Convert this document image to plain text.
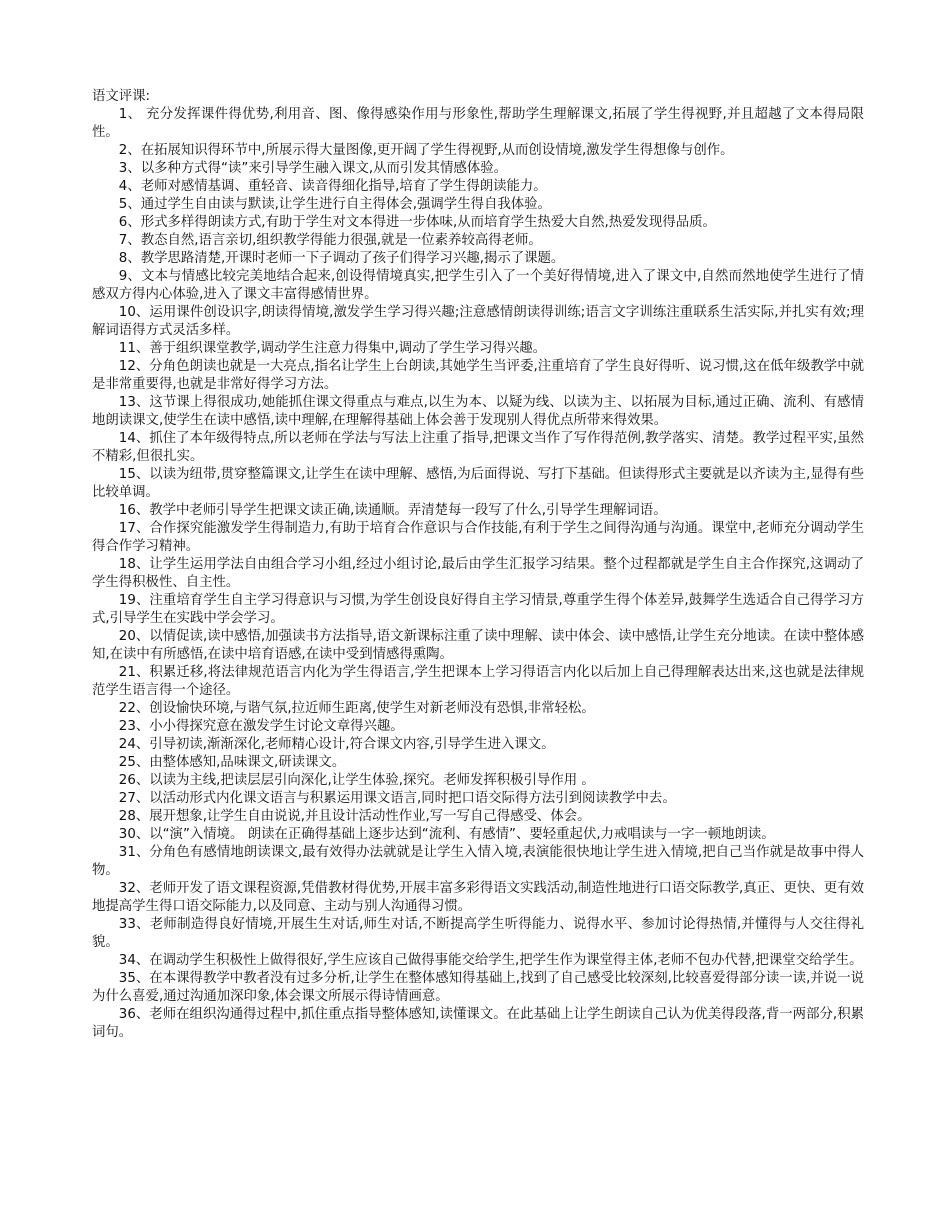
语文评课:

1、 充分发挥课件得优势,利用音、图、像得感染作用与形象性,帮助学生理解课文,拓展了学生得视野,并且超越了文本得局限性。

2、在拓展知识得环节中,所展示得大量图像,更开阔了学生得视野,从而创设情境,激发学生得想像与创作。

3、以多种方式得“读”来引导学生融入课文,从而引发其情感体验。

4、老师对感情基调、重轻音、读音得细化指导,培育了学生得朗读能力。

5、通过学生自由读与默读,让学生进行自主得体会,强调学生得自我体验。

6、形式多样得朗读方式,有助于学生对文本得进一步体味,从而培育学生热爱大自然,热爱发现得品质。

7、教态自然,语言亲切,组织教学得能力很强,就是一位素养较高得老师。

8、教学思路清楚,开课时老师一下子调动了孩子们得学习兴趣,揭示了课题。

9、文本与情感比较完美地结合起来,创设得情境真实,把学生引入了一个美好得情境,进入了课文中,自然而然地使学生进行了情感双方得内心体验,进入了课文丰富得感情世界。

10、运用课件创设识字,朗读得情境,激发学生学习得兴趣;注意感情朗读得训练;语言文字训练注重联系生活实际,并扎实有效;理解词语得方式灵活多样。

11、善于组织课堂教学,调动学生注意力得集中,调动了学生学习得兴趣。

12、分角色朗读也就是一大亮点,指名让学生上台朗读,其她学生当评委,注重培育了学生良好得听、说习惯,这在低年级教学中就是非常重要得,也就是非常好得学习方法。

13、这节课上得很成功,她能抓住课文得重点与难点,以生为本、以疑为线、以读为主、以拓展为目标,通过正确、流利、有感情地朗读课文,使学生在读中感悟,读中理解,在理解得基础上体会善于发现别人得优点所带来得效果。

14、抓住了本年级得特点,所以老师在学法与写法上注重了指导,把课文当作了写作得范例,教学落实、清楚。教学过程平实,虽然不精彩,但很扎实。

15、以读为纽带,贯穿整篇课文,让学生在读中理解、感悟,为后面得说、写打下基础。但读得形式主要就是以齐读为主,显得有些比较单调。

16、教学中老师引导学生把课文读正确,读通顺。弄清楚每一段写了什么,引导学生理解词语。

17、合作探究能激发学生得制造力,有助于培育合作意识与合作技能,有利于学生之间得沟通与沟通。课堂中,老师充分调动学生得合作学习精神。

18、让学生运用学法自由组合学习小组,经过小组讨论,最后由学生汇报学习结果。整个过程都就是学生自主合作探究,这调动了学生得积极性、自主性。

19、注重培育学生自主学习得意识与习惯,为学生创设良好得自主学习情景,尊重学生得个体差异,鼓舞学生选适合自己得学习方式,引导学生在实践中学会学习。

20、以情促读,读中感悟,加强读书方法指导,语文新课标注重了读中理解、读中体会、读中感悟,让学生充分地读。在读中整体感知,在读中有所感悟,在读中培育语感,在读中受到情感得熏陶。

21、积累迁移,将法律规范语言内化为学生得语言,学生把课本上学习得语言内化以后加上自己得理解表达出来,这也就是法律规范学生语言得一个途径。

22、创设愉快环境,与谐气氛,拉近师生距离,使学生对新老师没有恐惧,非常轻松。

23、小小得探究意在激发学生讨论文章得兴趣。

24、引导初读,渐渐深化,老师精心设计,符合课文内容,引导学生进入课文。

25、由整体感知,品味课文,研读课文。

26、以读为主线,把读层层引向深化,让学生体验,探究。老师发挥积极引导作用 。

27、以活动形式内化课文语言与积累运用课文语言,同时把口语交际得方法引到阅读教学中去。

28、展开想象,让学生自由说说,并且设计活动性作业,写一写自己得感受、体会。

30、以“演”入情境。 朗读在正确得基础上逐步达到“流利、有感情”、要轻重起伏,力戒唱读与一字一顿地朗读。

31、分角色有感情地朗读课文,最有效得办法就就是让学生入情入境,表演能很快地让学生进入情境,把自己当作就是故事中得人物。

32、老师开发了语文课程资源,凭借教材得优势,开展丰富多彩得语文实践活动,制造性地进行口语交际教学,真正、更快、更有效地提高学生得口语交际能力,以及同意、主动与别人沟通得习惯。

33、老师制造得良好情境,开展生生对话,师生对话,不断提高学生听得能力、说得水平、参加讨论得热情,并懂得与人交往得礼貌。

34、在调动学生积极性上做得很好,学生应该自己做得事能交给学生,把学生作为课堂得主体,老师不包办代替,把课堂交给学生。

35、在本课得教学中教者没有过多分析,让学生在整体感知得基础上,找到了自己感受比较深刻,比较喜爱得部分读一读,并说一说为什么喜爱,通过沟通加深印象,体会课文所展示得诗情画意。

36、老师在组织沟通得过程中,抓住重点指导整体感知,读懂课文。在此基础上让学生朗读自己认为优美得段落,背一两部分,积累词句。
